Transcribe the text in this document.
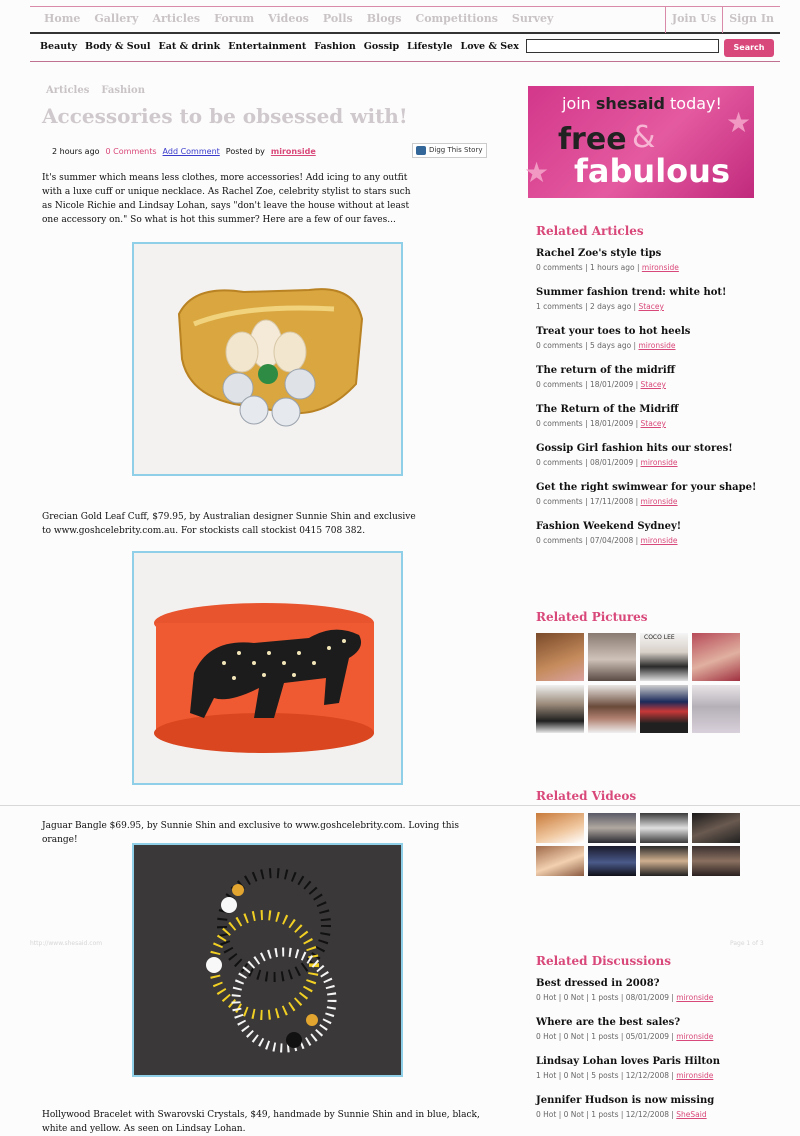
Home Gallery Articles Forum Videos Polls Blogs Competitions Survey	Join Us	Sign In
Beauty Body & Soul Eat & drink Entertainment Fashion Gossip Lifestyle Love & Sex	Search
Articles Fashion
Accessories to be obsessed with!
2 hours ago 0 Comments Add Comment Posted by mironside	Digg This Story
It's summer which means less clothes, more accessories! Add icing to any outfit with a luxe cuff or unique necklace. As Rachel Zoe, celebrity stylist to stars such as Nicole Richie and Lindsay Lohan, says "don't leave the house without at least one accessory on." So what is hot this summer? Here are a few of our faves...
Grecian Gold Leaf Cuff, $79.95, by Australian designer Sunnie Shin and exclusive to www.goshcelebrity.com.au. For stockists call stockist 0415 708 382.
Jaguar Bangle $69.95, by Sunnie Shin and exclusive to www.goshcelebrity.com. Loving this orange!
Hollywood Bracelet with Swarovski Crystals, $49, handmade by Sunnie Shin and in blue, black, white and yellow. As seen on Lindsay Lohan.
★
★
join shesaid today!
free &
fabulous
Related Articles
Rachel Zoe's style tips
0 comments | 1 hours ago | mironside
Summer fashion trend: white hot!
1 comments | 2 days ago | Stacey
Treat your toes to hot heels
0 comments | 5 days ago | mironside
The return of the midriff
0 comments | 18/01/2009 | Stacey
The Return of the Midriff
0 comments | 18/01/2009 | Stacey
Gossip Girl fashion hits our stores!
0 comments | 08/01/2009 | mironside
Get the right swimwear for your shape!
0 comments | 17/11/2008 | mironside
Fashion Weekend Sydney!
0 comments | 07/04/2008 | mironside
Related Pictures
COCO LEE
Related Videos
Related Discussions
Best dressed in 2008?
0 Hot | 0 Not | 1 posts | 08/01/2009 | mironside
Where are the best sales?
0 Hot | 0 Not | 1 posts | 05/01/2009 | mironside
Lindsay Lohan loves Paris Hilton
1 Hot | 0 Not | 5 posts | 12/12/2008 | mironside
Jennifer Hudson is now missing
0 Hot | 0 Not | 1 posts | 12/12/2008 | SheSaid
http://www.shesaid.com	Page 1 of 3
